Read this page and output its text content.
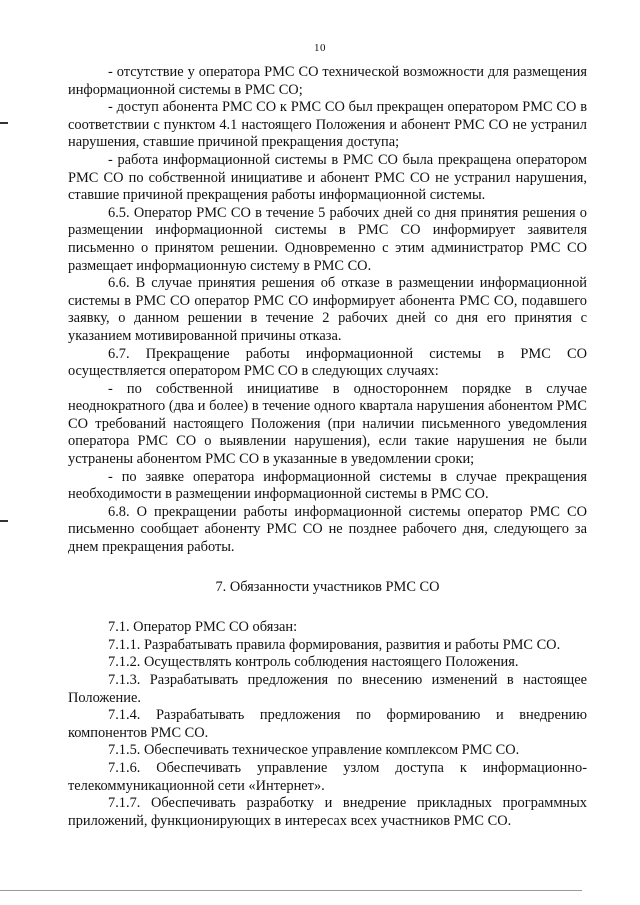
10

- отсутствие у оператора РМС СО технической возможности для размещения информационной системы в РМС СО;

- доступ абонента РМС СО к РМС СО был прекращен оператором РМС СО в соответствии с пунктом 4.1 настоящего Положения и абонент РМС СО не устранил нарушения, ставшие причиной прекращения доступа;

- работа информационной системы в РМС СО была прекращена оператором РМС СО по собственной инициативе и абонент РМС СО не устранил нарушения, ставшие причиной прекращения работы информационной системы.

6.5. Оператор РМС СО в течение 5 рабочих дней со дня принятия решения о размещении информационной системы в РМС СО информирует заявителя письменно о принятом решении. Одновременно с этим администратор РМС СО размещает информационную систему в РМС СО.

6.6. В случае принятия решения об отказе в размещении информационной системы в РМС СО оператор РМС СО информирует абонента РМС СО, подавшего заявку, о данном решении в течение 2 рабочих дней со дня его принятия с указанием мотивированной причины отказа.

6.7. Прекращение работы информационной системы в РМС СО осуществляется оператором РМС СО в следующих случаях:

- по собственной инициативе в одностороннем порядке в случае неоднократного (два и более) в течение одного квартала нарушения абонентом РМС СО требований настоящего Положения (при наличии письменного уведомления оператора РМС СО о выявлении нарушения), если такие нарушения не были устранены абонентом РМС СО в указанные в уведомлении сроки;

- по заявке оператора информационной системы в случае прекращения необходимости в размещении информационной системы в РМС СО.

6.8. О прекращении работы информационной системы оператор РМС СО письменно сообщает абоненту РМС СО не позднее рабочего дня, следующего за днем прекращения работы.

7. Обязанности участников РМС СО

7.1. Оператор РМС СО обязан:

7.1.1. Разрабатывать правила формирования, развития и работы РМС СО.

7.1.2. Осуществлять контроль соблюдения настоящего Положения.

7.1.3. Разрабатывать предложения по внесению изменений в настоящее Положение.

7.1.4. Разрабатывать предложения по формированию и внедрению компонентов РМС СО.

7.1.5. Обеспечивать техническое управление комплексом РМС СО.

7.1.6. Обеспечивать управление узлом доступа к информационно-телекоммуникационной сети «Интернет».

7.1.7. Обеспечивать разработку и внедрение прикладных программных приложений, функционирующих в интересах всех участников РМС СО.
